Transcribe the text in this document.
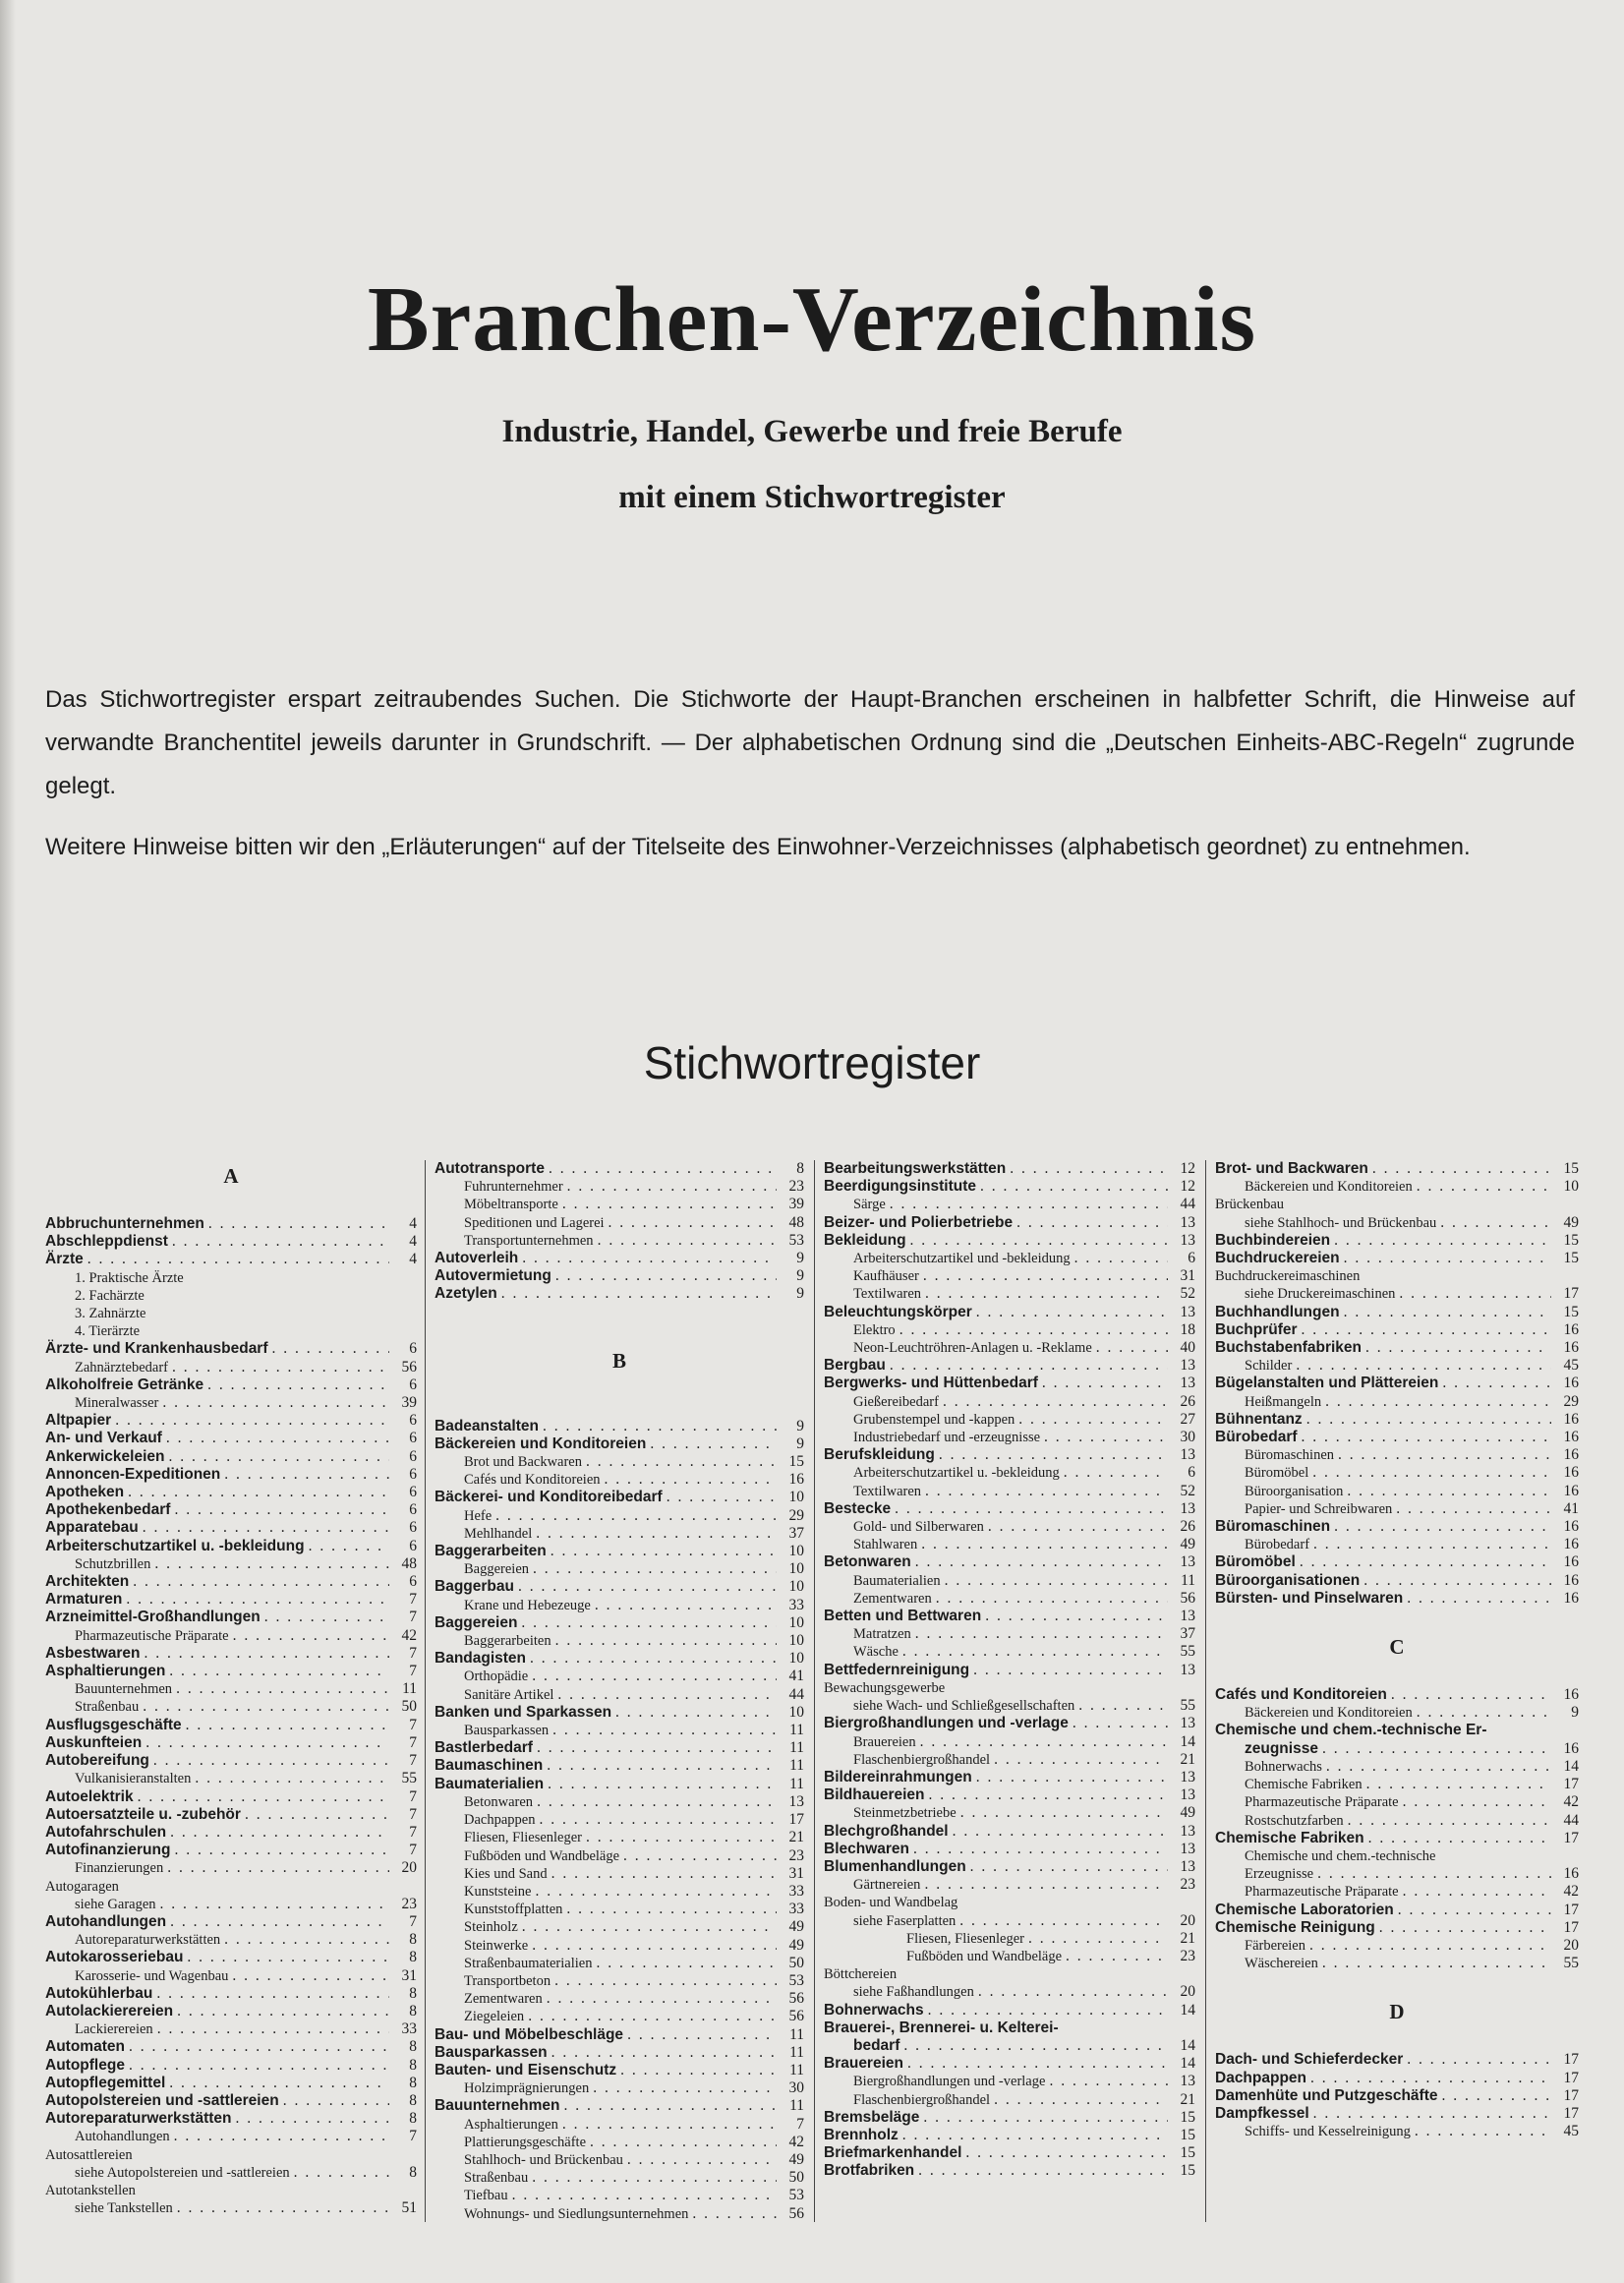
Branchen-Verzeichnis
Industrie, Handel, Gewerbe und freie Berufe
mit einem Stichwortregister

Das Stichwortregister erspart zeitraubendes Suchen. Die Stichworte der Haupt-Branchen erscheinen in halbfetter Schrift, die Hinweise auf verwandte Branchentitel jeweils darunter in Grundschrift. — Der alphabetischen Ordnung sind die „Deutschen Einheits-ABC-Regeln“ zugrunde gelegt.

Weitere Hinweise bitten wir den „Erläuterungen“ auf der Titelseite des Einwohner-Verzeichnisses (alphabetisch geordnet) zu entnehmen.

Stichwortregister
A
Abbruchunternehmen . . .	4
Abschleppdienst . . .	4
Ärzte . . .	4
1. Praktische Ärzte
2. Fachärzte
3. Zahnärzte
4. Tierärzte
Ärzte- und Krankenhausbedarf . . .	6
Zahnärztebedarf . . .	56
Alkoholfreie Getränke . . .	6
Mineralwasser . . .	39
Altpapier . . .	6
An- und Verkauf . . .	6
Ankerwickeleien . . .	6
Annoncen-Expeditionen . . .	6
Apotheken . . .	6
Apothekenbedarf . . .	6
Apparatebau . . .	6
Arbeiterschutzartikel u. -bekleidung . . .	6
Schutzbrillen . . .	48
Architekten . . .	6
Armaturen . . .	7
Arzneimittel-Großhandlungen . . .	7
Pharmazeutische Präparate . . .	42
Asbestwaren . . .	7
Asphaltierungen . . .	7
Bauunternehmen . . .	11
Straßenbau . . .	50
Ausflugsgeschäfte . . .	7
Auskunfteien . . .	7
Autobereifung . . .	7
Vulkanisieranstalten . . .	55
Autoelektrik . . .	7
Autoersatzteile u. -zubehör . . .	7
Autofahrschulen . . .	7
Autofinanzierung . . .	7
Finanzierungen . . .	20
Autogaragen
siehe Garagen . . .	23
Autohandlungen . . .	7
Autoreparaturwerkstätten . . .	8
Autokarosseriebau . . .	8
Karosserie- und Wagenbau . . .	31
Autokühlerbau . . .	8
Autolackierereien . . .	8
Lackierereien . . .	33
Automaten . . .	8
Autopflege . . .	8
Autopflegemittel . . .	8
Autopolstereien und -sattlereien . . .	8
Autoreparaturwerkstätten . . .	8
Autohandlungen . . .	7
Autosattlereien
siehe Autopolstereien und -sattlereien . . .	8
Autotankstellen
siehe Tankstellen . . .	51
Autotransporte . . .	8
Fuhrunternehmer . . .	23
Möbeltransporte . . .	39
Speditionen und Lagerei . . .	48
Transportunternehmen . . .	53
Autoverleih . . .	9
Autovermietung . . .	9
Azetylen . . .	9
B
Badeanstalten . . .	9
Bäckereien und Konditoreien . . .	9
Brot und Backwaren . . .	15
Cafés und Konditoreien . . .	16
Bäckerei- und Konditoreibedarf . . .	10
Hefe . . .	29
Mehlhandel . . .	37
Baggerarbeiten . . .	10
Baggereien . . .	10
Baggerbau . . .	10
Krane und Hebezeuge . . .	33
Baggereien . . .	10
Baggerarbeiten . . .	10
Bandagisten . . .	10
Orthopädie . . .	41
Sanitäre Artikel . . .	44
Banken und Sparkassen . . .	10
Bausparkassen . . .	11
Bastlerbedarf . . .	11
Baumaschinen . . .	11
Baumaterialien . . .	11
Betonwaren . . .	13
Dachpappen . . .	17
Fliesen, Fliesenleger . . .	21
Fußböden und Wandbeläge . . .	23
Kies und Sand . . .	31
Kunststeine . . .	33
Kunststoffplatten . . .	33
Steinholz . . .	49
Steinwerke . . .	49
Straßenbaumaterialien . . .	50
Transportbeton . . .	53
Zementwaren . . .	56
Ziegeleien . . .	56
Bau- und Möbelbeschläge . . .	11
Bausparkassen . . .	11
Bauten- und Eisenschutz . . .	11
Holzimprägnierungen . . .	30
Bauunternehmen . . .	11
Asphaltierungen . . .	7
Plattierungsgeschäfte . . .	42
Stahlhoch- und Brückenbau . . .	49
Straßenbau . . .	50
Tiefbau . . .	53
Wohnungs- und Siedlungsunternehmen . . .	56
Bearbeitungswerkstätten . . .	12
Beerdigungsinstitute . . .	12
Särge . . .	44
Beizer- und Polierbetriebe . . .	13
Bekleidung . . .	13
Arbeiterschutzartikel und -bekleidung . . .	6
Kaufhäuser . . .	31
Textilwaren . . .	52
Beleuchtungskörper . . .	13
Elektro . . .	18
Neon-Leuchtröhren-Anlagen u. -Reklame . . .	40
Bergbau . . .	13
Bergwerks- und Hüttenbedarf . . .	13
Gießereibedarf . . .	26
Grubenstempel und -kappen . . .	27
Industriebedarf und -erzeugnisse . . .	30
Berufskleidung . . .	13
Arbeiterschutzartikel u. -bekleidung . . .	6
Textilwaren . . .	52
Bestecke . . .	13
Gold- und Silberwaren . . .	26
Stahlwaren . . .	49
Betonwaren . . .	13
Baumaterialien . . .	11
Zementwaren . . .	56
Betten und Bettwaren . . .	13
Matratzen . . .	37
Wäsche . . .	55
Bettfedernreinigung . . .	13
Bewachungsgewerbe
siehe Wach- und Schließgesellschaften . . .	55
Biergroßhandlungen und -verlage . . .	13
Brauereien . . .	14
Flaschenbiergroßhandel . . .	21
Bildereinrahmungen . . .	13
Bildhauereien . . .	13
Steinmetzbetriebe . . .	49
Blechgroßhandel . . .	13
Blechwaren . . .	13
Blumenhandlungen . . .	13
Gärtnereien . . .	23
Boden- und Wandbelag
siehe Faserplatten . . .	20
Fliesen, Fliesenleger . . .	21
Fußböden und Wandbeläge . . .	23
Böttchereien
siehe Faßhandlungen . . .	20
Bohnerwachs . . .	14
Brauerei-, Brennerei- u. Kelterei-
bedarf . . .	14
Brauereien . . .	14
Biergroßhandlungen und -verlage . . .	13
Flaschenbiergroßhandel . . .	21
Bremsbeläge . . .	15
Brennholz . . .	15
Briefmarkenhandel . . .	15
Brotfabriken . . .	15
Brot- und Backwaren . . .	15
Bäckereien und Konditoreien . . .	10
Brückenbau
siehe Stahlhoch- und Brückenbau . . .	49
Buchbindereien . . .	15
Buchdruckereien . . .	15
Buchdruckereimaschinen
siehe Druckereimaschinen . . .	17
Buchhandlungen . . .	15
Buchprüfer . . .	16
Buchstabenfabriken . . .	16
Schilder . . .	45
Bügelanstalten und Plättereien . . .	16
Heißmangeln . . .	29
Bühnentanz . . .	16
Bürobedarf . . .	16
Büromaschinen . . .	16
Büromöbel . . .	16
Büroorganisation . . .	16
Papier- und Schreibwaren . . .	41
Büromaschinen . . .	16
Bürobedarf . . .	16
Büromöbel . . .	16
Büroorganisationen . . .	16
Bürsten- und Pinselwaren . . .	16
C
Cafés und Konditoreien . . .	16
Bäckereien und Konditoreien . . .	9
Chemische und chem.-technische Er-
zeugnisse . . .	16
Bohnerwachs . . .	14
Chemische Fabriken . . .	17
Pharmazeutische Präparate . . .	42
Rostschutzfarben . . .	44
Chemische Fabriken . . .	17
Chemische und chem.-technische
Erzeugnisse . . .	16
Pharmazeutische Präparate . . .	42
Chemische Laboratorien . . .	17
Chemische Reinigung . . .	17
Färbereien . . .	20
Wäschereien . . .	55
D
Dach- und Schieferdecker . . .	17
Dachpappen . . .	17
Damenhüte und Putzgeschäfte . . .	17
Dampfkessel . . .	17
Schiffs- und Kesselreinigung . . .	45
